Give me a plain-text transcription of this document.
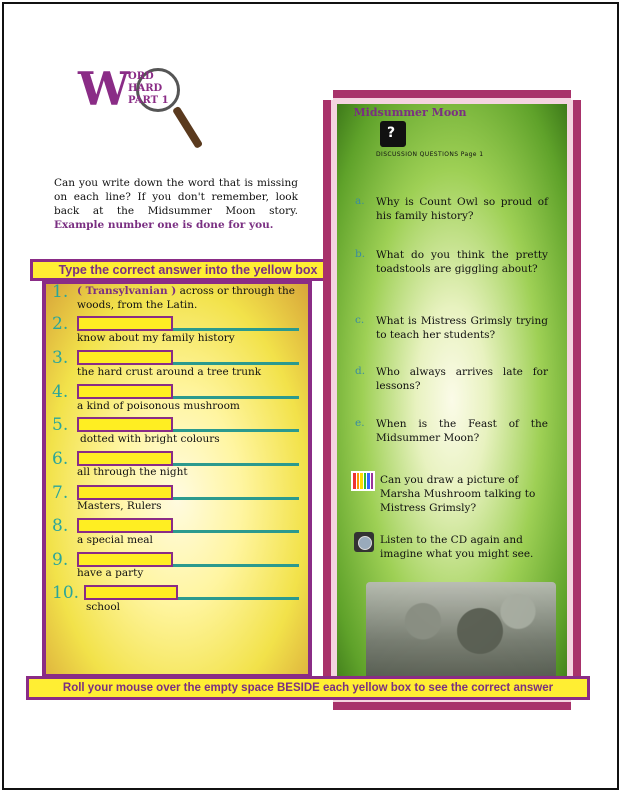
W
ORD
HARD
PART 1
Can you write down the word that is missing on each line? If you don't remember, look back at the Midsummer Moon story. Example number one is done for you.
Type the correct answer into the yellow box
1. ( Transylvanian ) across or through the woods, from the Latin.
2.
know about my family history
3.
the hard crust around a tree trunk
4.
a kind of poisonous mushroom
5.
dotted with bright colours
6.
all through the night
7.
Masters, Rulers
8.
a special meal
9.
have a party
10.
school
Midsummer Moon
?
DISCUSSION QUESTIONS Page 1
a. Why is Count Owl so proud of his family history?
b. What do you think the pretty toadstools are giggling about?
c. What is Mistress Grimsly trying to teach her students?
d. Who always arrives late for lessons?
e. When is the Feast of the Midsummer Moon?
Can you draw a picture of Marsha Mushroom talking to Mistress Grimsly?
Listen to the CD again and imagine what you might see.
Roll your mouse over the empty space BESIDE each yellow box to see the correct answer
